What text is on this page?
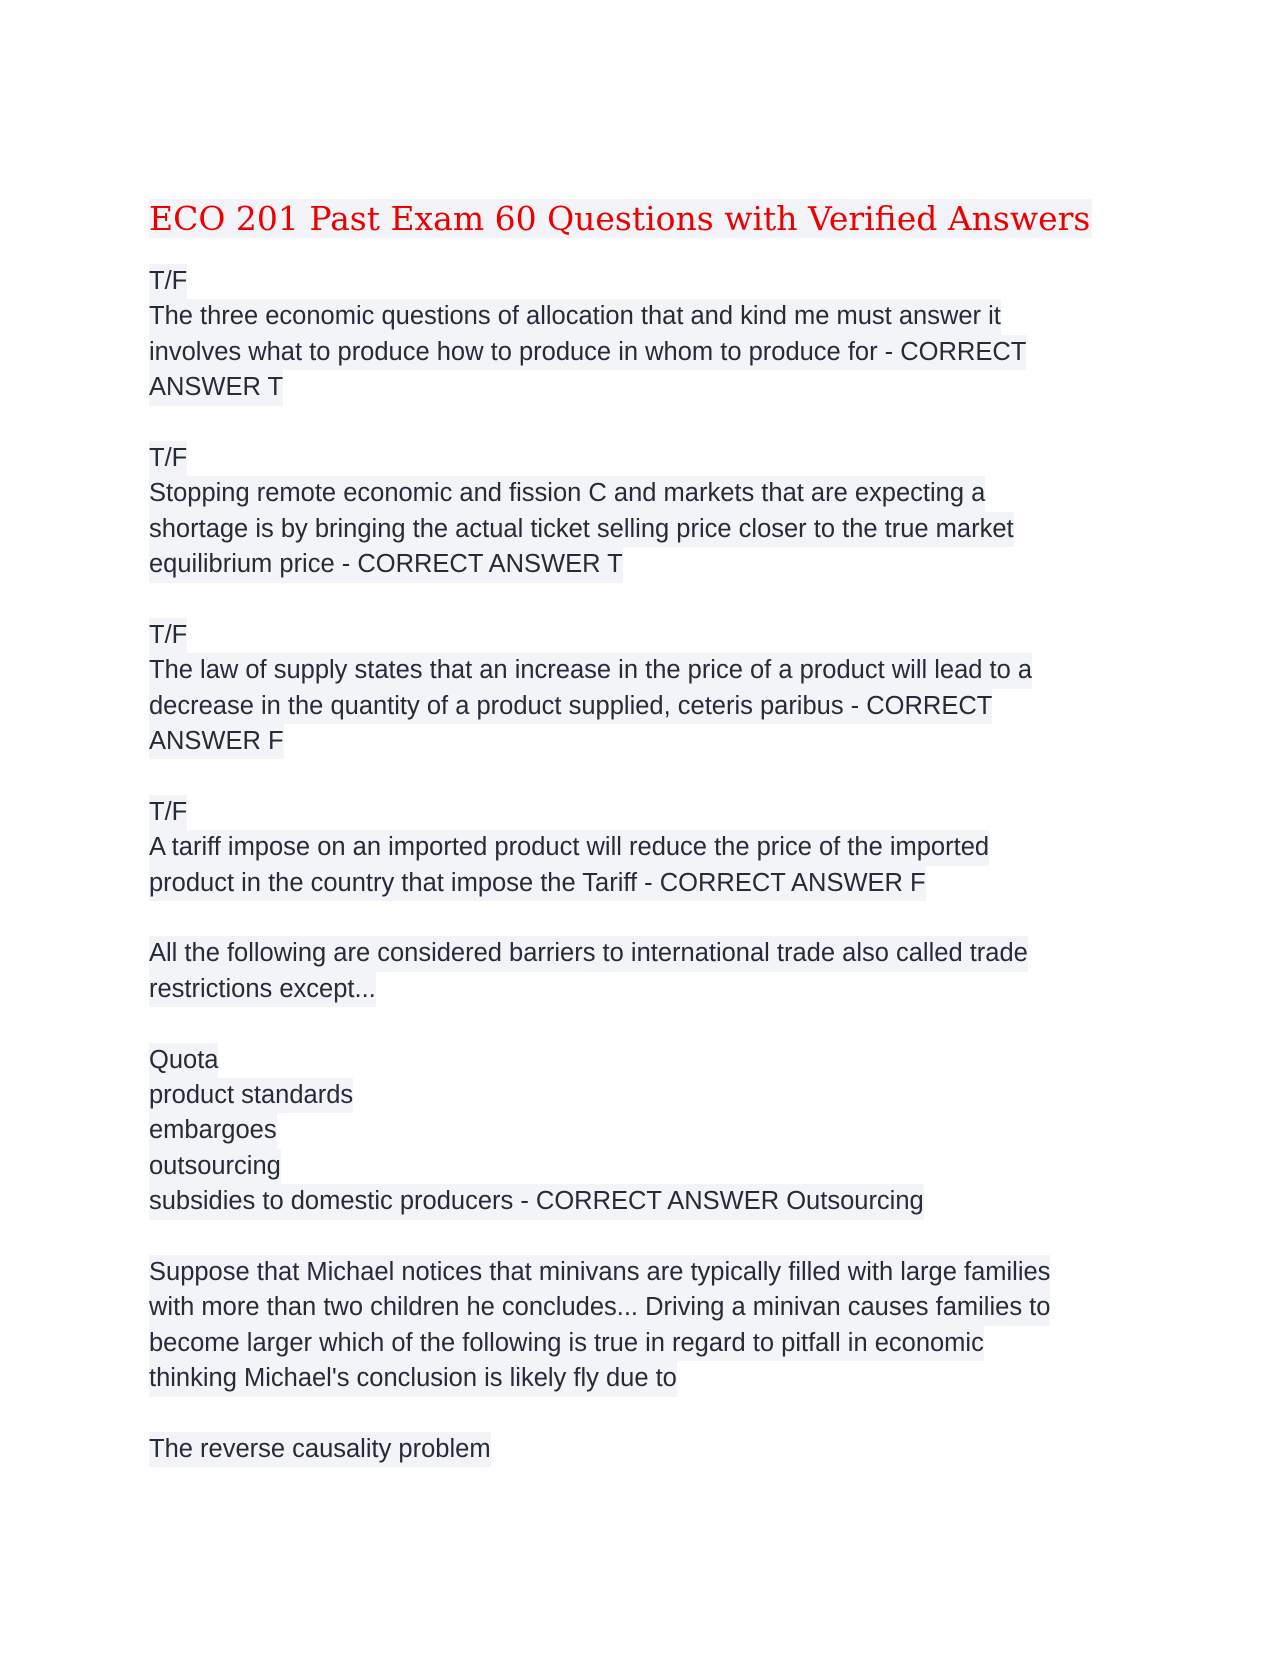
ECO 201 Past Exam 60 Questions with Verified Answers
T/F
The three economic questions of allocation that and kind me must answer it
involves what to produce how to produce in whom to produce for - CORRECT
ANSWER T
T/F
Stopping remote economic and fission C and markets that are expecting a
shortage is by bringing the actual ticket selling price closer to the true market
equilibrium price - CORRECT ANSWER T
T/F
The law of supply states that an increase in the price of a product will lead to a
decrease in the quantity of a product supplied, ceteris paribus - CORRECT
ANSWER F
T/F
A tariff impose on an imported product will reduce the price of the imported
product in the country that impose the Tariff - CORRECT ANSWER F
All the following are considered barriers to international trade also called trade
restrictions except...
Quota
product standards
embargoes
outsourcing
subsidies to domestic producers - CORRECT ANSWER Outsourcing
Suppose that Michael notices that minivans are typically filled with large families
with more than two children he concludes... Driving a minivan causes families to
become larger which of the following is true in regard to pitfall in economic
thinking Michael's conclusion is likely fly due to
The reverse causality problem
